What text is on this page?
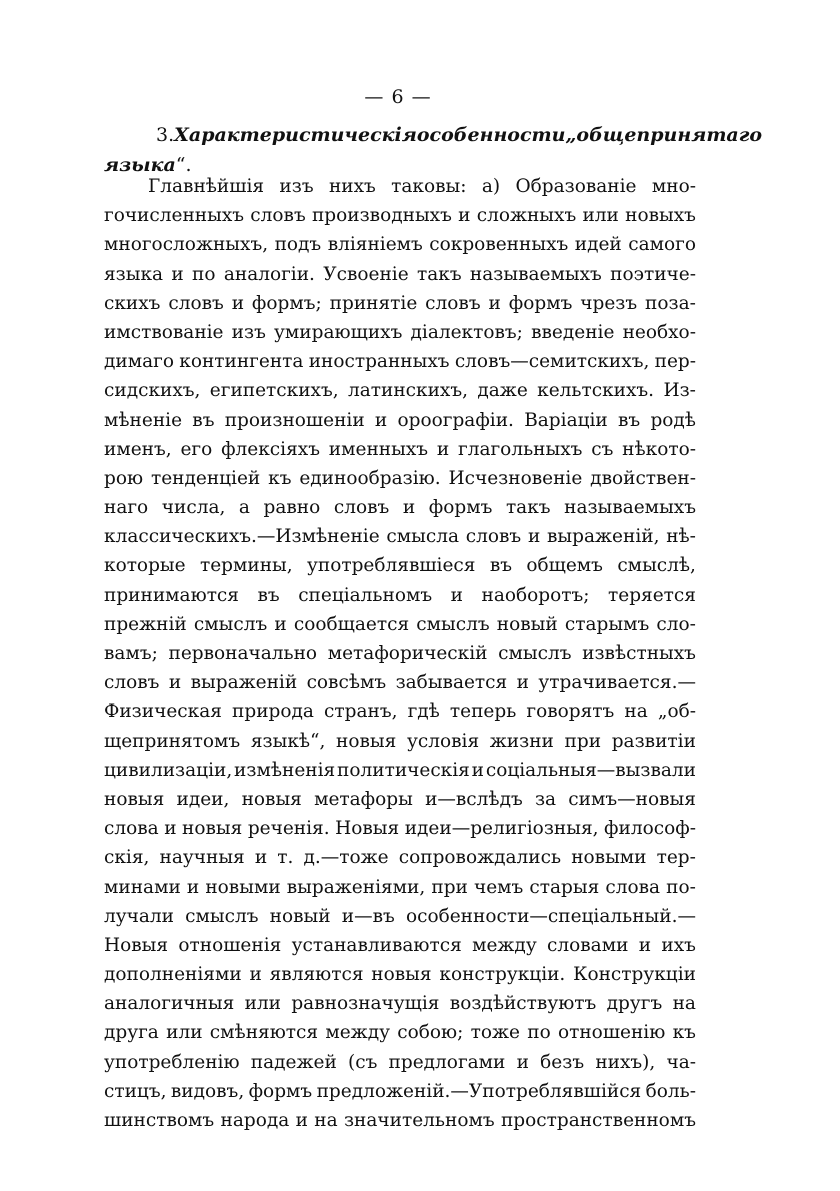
— 6 —
3. Характеристическія особенности „общепринятаго
языка“.
Главнѣйшія изъ нихъ таковы: а) Образованіе мно-
гочисленныхъ словъ производныхъ и сложныхъ или новыхъ
многосложныхъ, подъ вліяніемъ сокровенныхъ идей самого
языка и по аналогіи. Усвоеніе такъ называемыхъ поэтиче-
скихъ словъ и формъ; принятіе словъ и формъ чрезъ поза-
имствованіе изъ умирающихъ діалектовъ; введеніе необхо-
димаго контингента иностранныхъ словъ—семитскихъ, пер-
сидскихъ, египетскихъ, латинскихъ, даже кельтскихъ. Из-
мѣненіе въ произношеніи и ороографіи. Варіаціи въ родѣ
именъ, его флексіяхъ именныхъ и глагольныхъ съ нѣкото-
рою тенденціей къ единообразію. Исчезновеніе двойствен-
наго числа, а равно словъ и формъ такъ называемыхъ
классическихъ.—Измѣненіе смысла словъ и выраженій, нѣ-
которые термины, употреблявшіеся въ общемъ смыслѣ,
принимаются въ спеціальномъ и наоборотъ; теряется
прежній смыслъ и сообщается смыслъ новый старымъ сло-
вамъ; первоначально метафорическій смыслъ извѣстныхъ
словъ и выраженій совсѣмъ забывается и утрачивается.—
Физическая природа странъ, гдѣ теперь говорятъ на „об-
щепринятомъ языкѣ“, новыя условія жизни при развитіи
цивилизаціи, измѣненія политическія и соціальныя—вызвали
новыя идеи, новыя метафоры и—вслѣдъ за симъ—новыя
слова и новыя реченія. Новыя идеи—религіозныя, философ-
скія, научныя и т. д.—тоже сопровождались новыми тер-
минами и новыми выраженіями, при чемъ старыя слова по-
лучали смыслъ новый и—въ особенности—спеціальный.—
Новыя отношенія устанавливаются между словами и ихъ
дополненіями и являются новыя конструкціи. Конструкціи
аналогичныя или равнозначущія воздѣйствуютъ другъ на
друга или смѣняются между собою; тоже по отношенію къ
употребленію падежей (съ предлогами и безъ нихъ), ча-
стицъ, видовъ, формъ предложеній.—Употреблявшійся боль-
шинствомъ народа и на значительномъ пространственномъ
